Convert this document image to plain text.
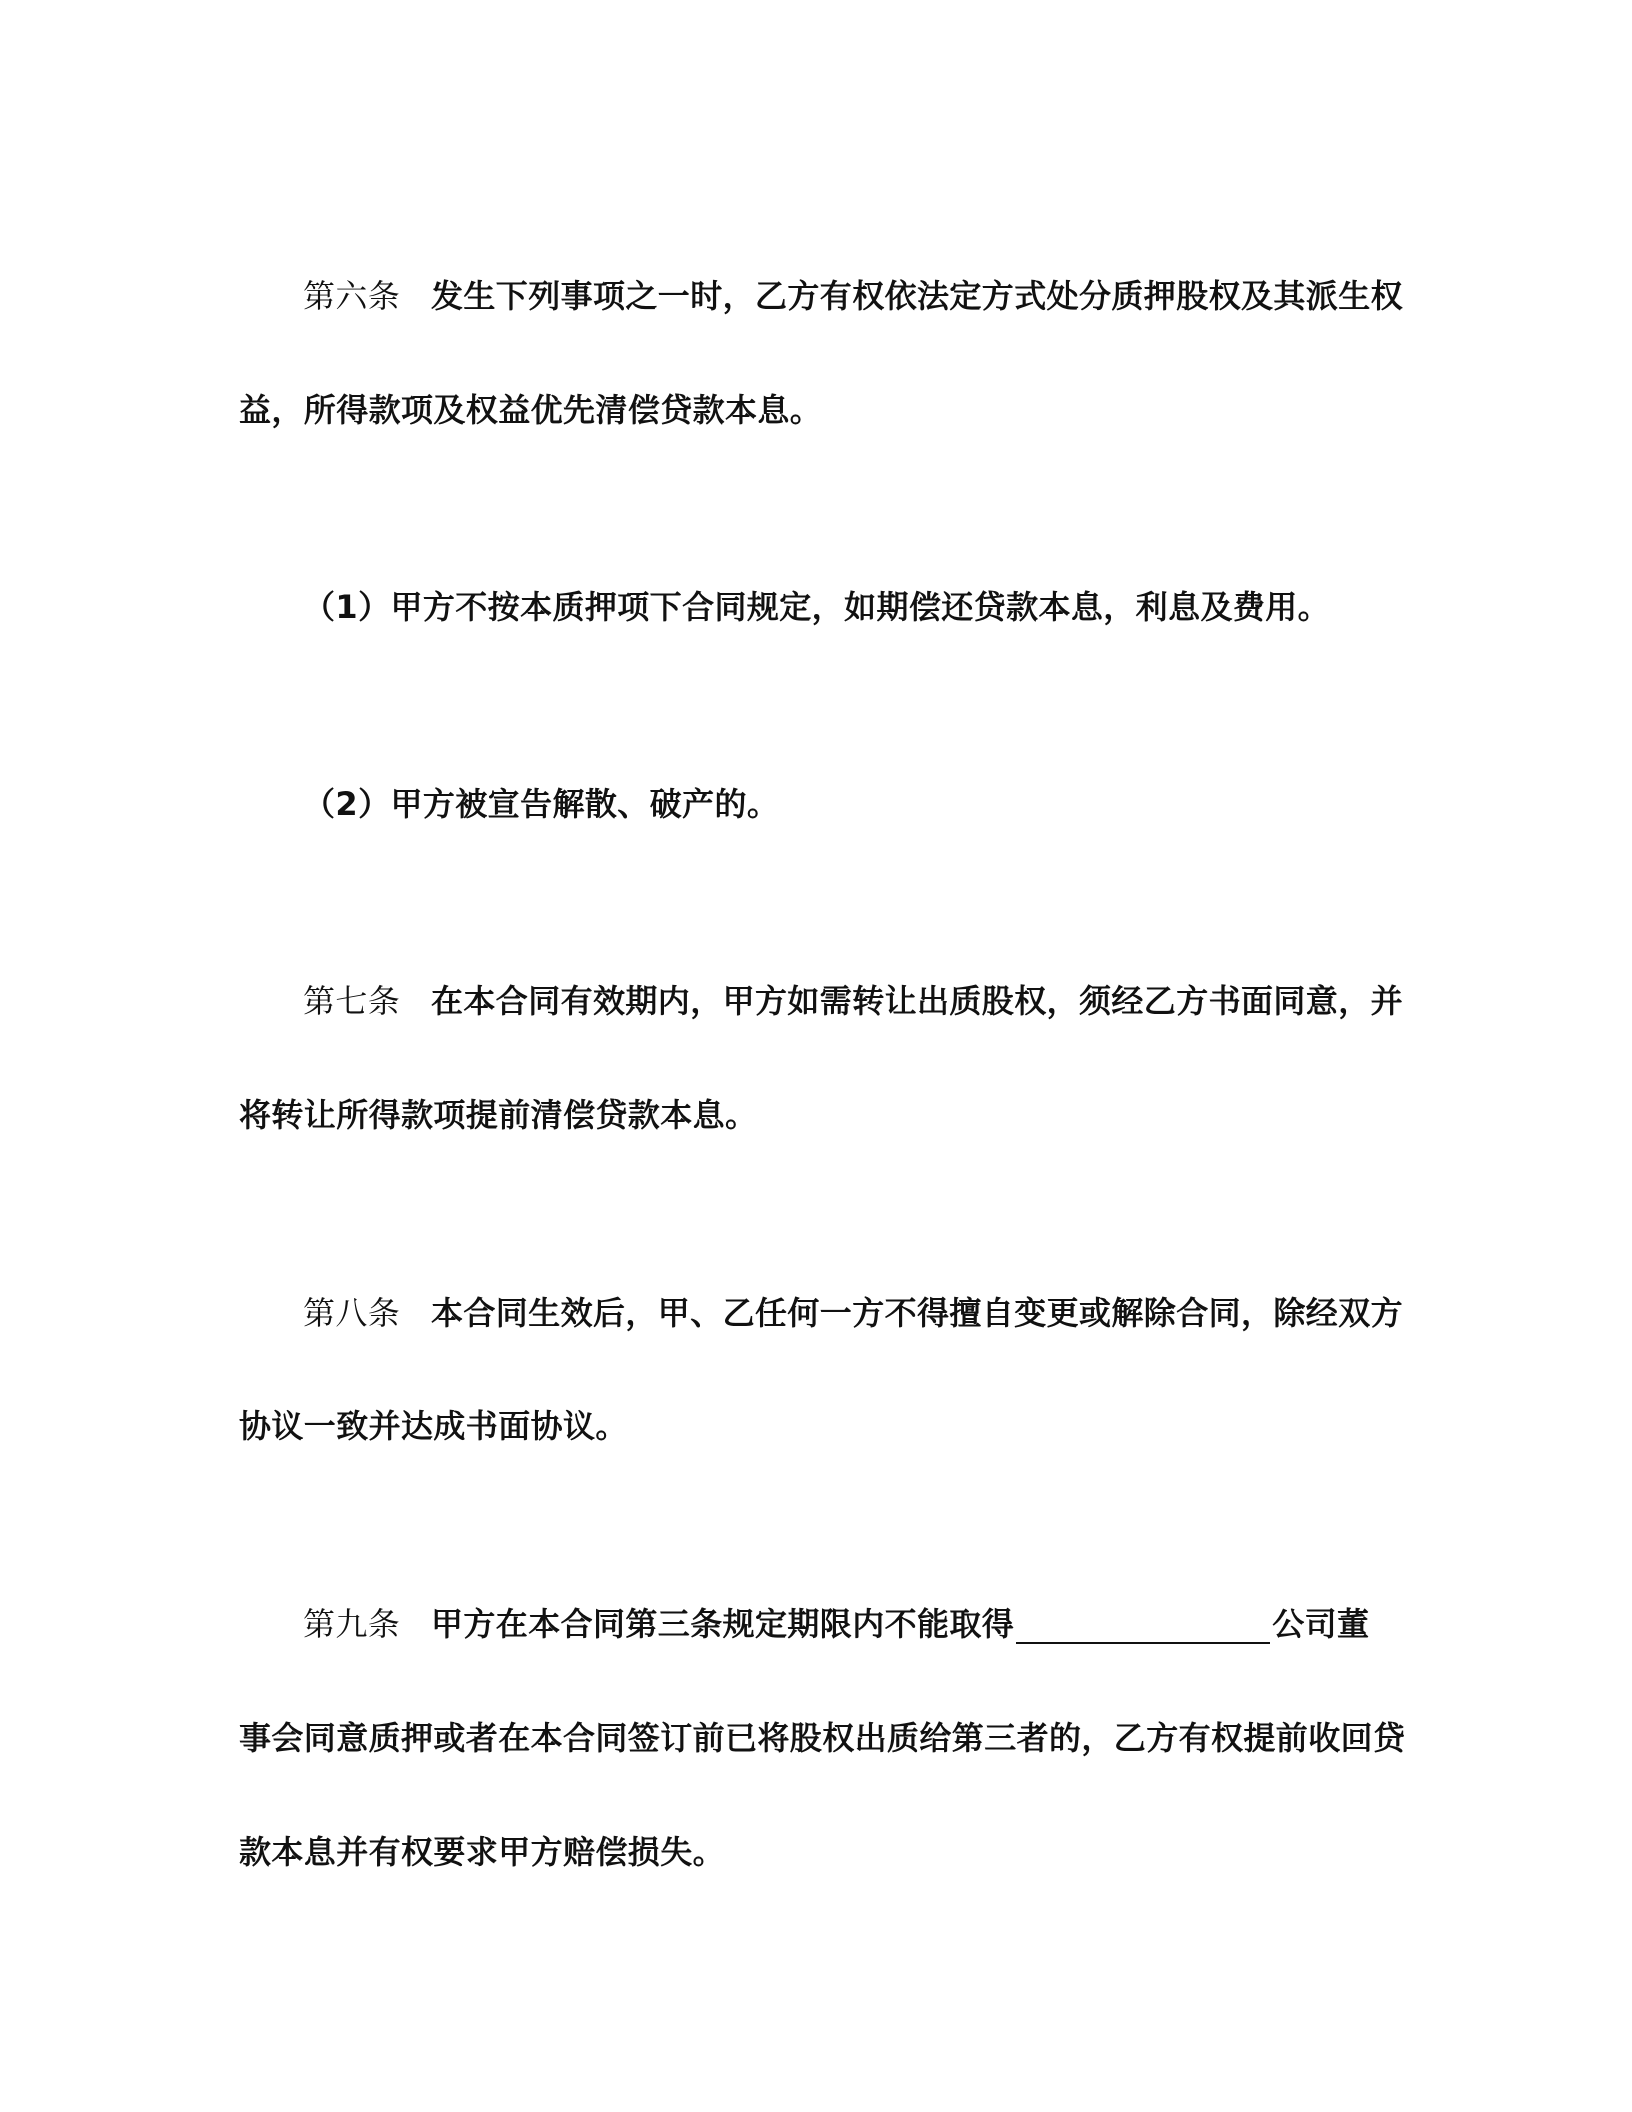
第六条 发生下列事项之一时，乙方有权依法定方式处分质押股权及其派生权
益，所得款项及权益优先清偿贷款本息。
（1）甲方不按本质押项下合同规定，如期偿还贷款本息，利息及费用。
（2）甲方被宣告解散、破产的。
第七条 在本合同有效期内，甲方如需转让出质股权，须经乙方书面同意，并
将转让所得款项提前清偿贷款本息。
第八条 本合同生效后，甲、乙任何一方不得擅自变更或解除合同，除经双方
协议一致并达成书面协议。
第九条 甲方在本合同第三条规定期限内不能取得	公司董
事会同意质押或者在本合同签订前已将股权出质给第三者的，乙方有权提前收回贷
款本息并有权要求甲方赔偿损失。
